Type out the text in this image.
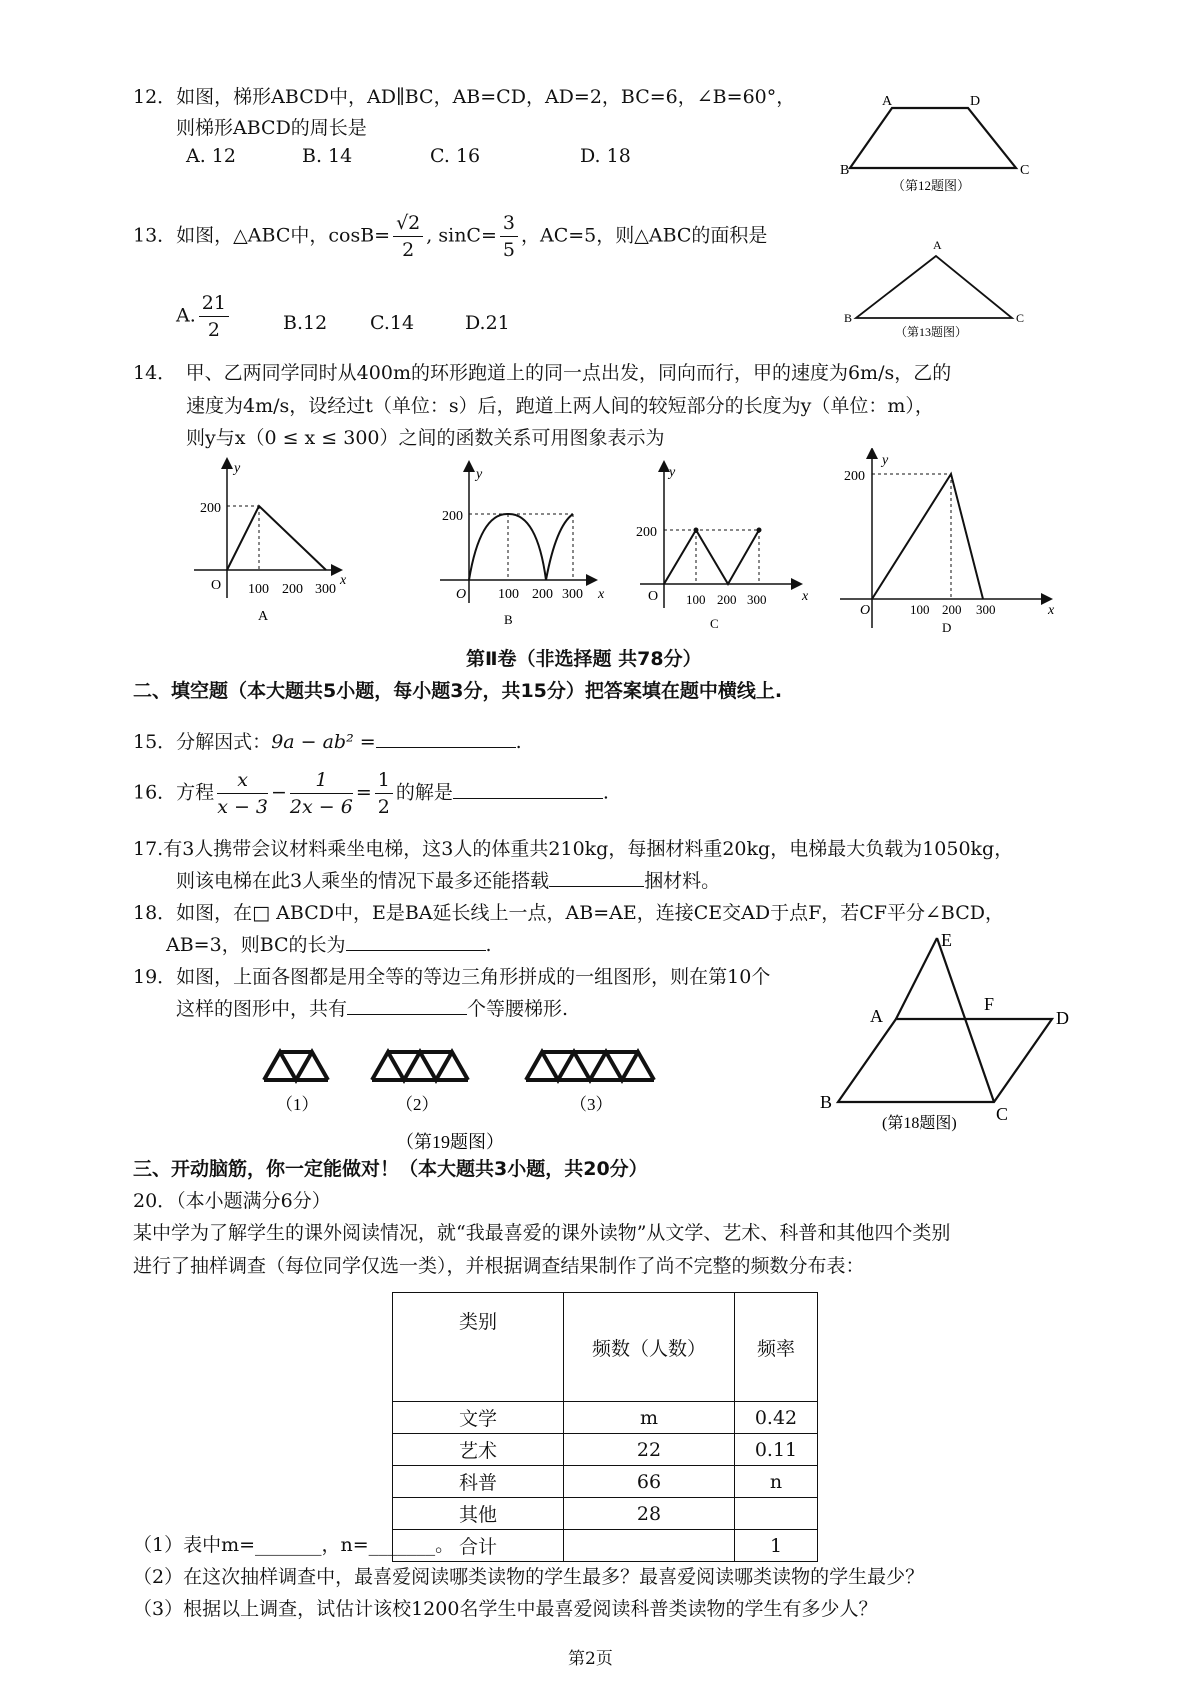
12．如图，梯形ABCD中，AD∥BC，AB=CD，AD=2，BC=6，∠B=60°，
则梯形ABCD的周长是
A. 12	B. 14	C. 16	D. 18
A	D
B	C
（第12题图）
13．如图，△ABC中，$\cos B= \frac{√2}{2}$ , $\sin C= \frac{3}{5}$ ，AC=5，则△ABC的面积是
A. $\frac{21}{2}$	B.12 C.14	D.21
A
B	C
（第13题图）
14．　甲、乙两同学同时从400m的环形跑道上的同一点出发，同向而行，甲的速度为6m/s，乙的
速度为4m/s，设经过t（单位：s）后，跑道上两人间的较短部分的长度为y（单位：m），
则y与x（0 ≤ x ≤ 300）之间的函数关系可用图象表示为
y
x
200
O 100 200 300
A
y
x
200
O 100 200 300
B
y
x
200
O 100 200 300
C
y
x
200
O	100 200 300
D
第Ⅱ卷（非选择题 共78分）
二、填空题（本大题共5小题，每小题3分，共15分）把答案填在题中横线上.
15．分解因式：9a − ab² =	.
16．方程 $\frac{x}{x - 3} - \frac{1}{2x - 6} = \frac{1}{2}$ 的解是	.
17.有3人携带会议材料乘坐电梯，这3人的体重共210kg，每捆材料重20kg，电梯最大负载为1050kg，
则该电梯在此3人乘坐的情况下最多还能搭载	捆材料。
18．如图，在□ ABCD中，E是BA延长线上一点，AB=AE，连接CE交AD于点F，若CF平分∠BCD，
AB=3，则BC的长为	.	E
F
A	D
B
C
(第18题图)
19．如图，上面各图都是用全等的等边三角形拼成的一组图形，则在第10个
这样的图形中，共有	个等腰梯形.
（1）	（2）	（3）
（第19题图）
三、开动脑筋，你一定能做对！（本大题共3小题，共20分）
20．（本小题满分6分）
某中学为了解学生的课外阅读情况，就“我最喜爱的课外读物”从文学、艺术、科普和其他四个类别
进行了抽样调查（每位同学仅选一类），并根据调查结果制作了尚不完整的频数分布表：
类别	频数（人数）	频率
文学	m	0.42
艺术	22	0.11
科普	66	n
其他	28	
合计		1
（1）表中m=_______，n=_______。
（2）在这次抽样调查中，最喜爱阅读哪类读物的学生最多？最喜爱阅读哪类读物的学生最少？
（3）根据以上调查，试估计该校1200名学生中最喜爱阅读科普类读物的学生有多少人？
第2页
